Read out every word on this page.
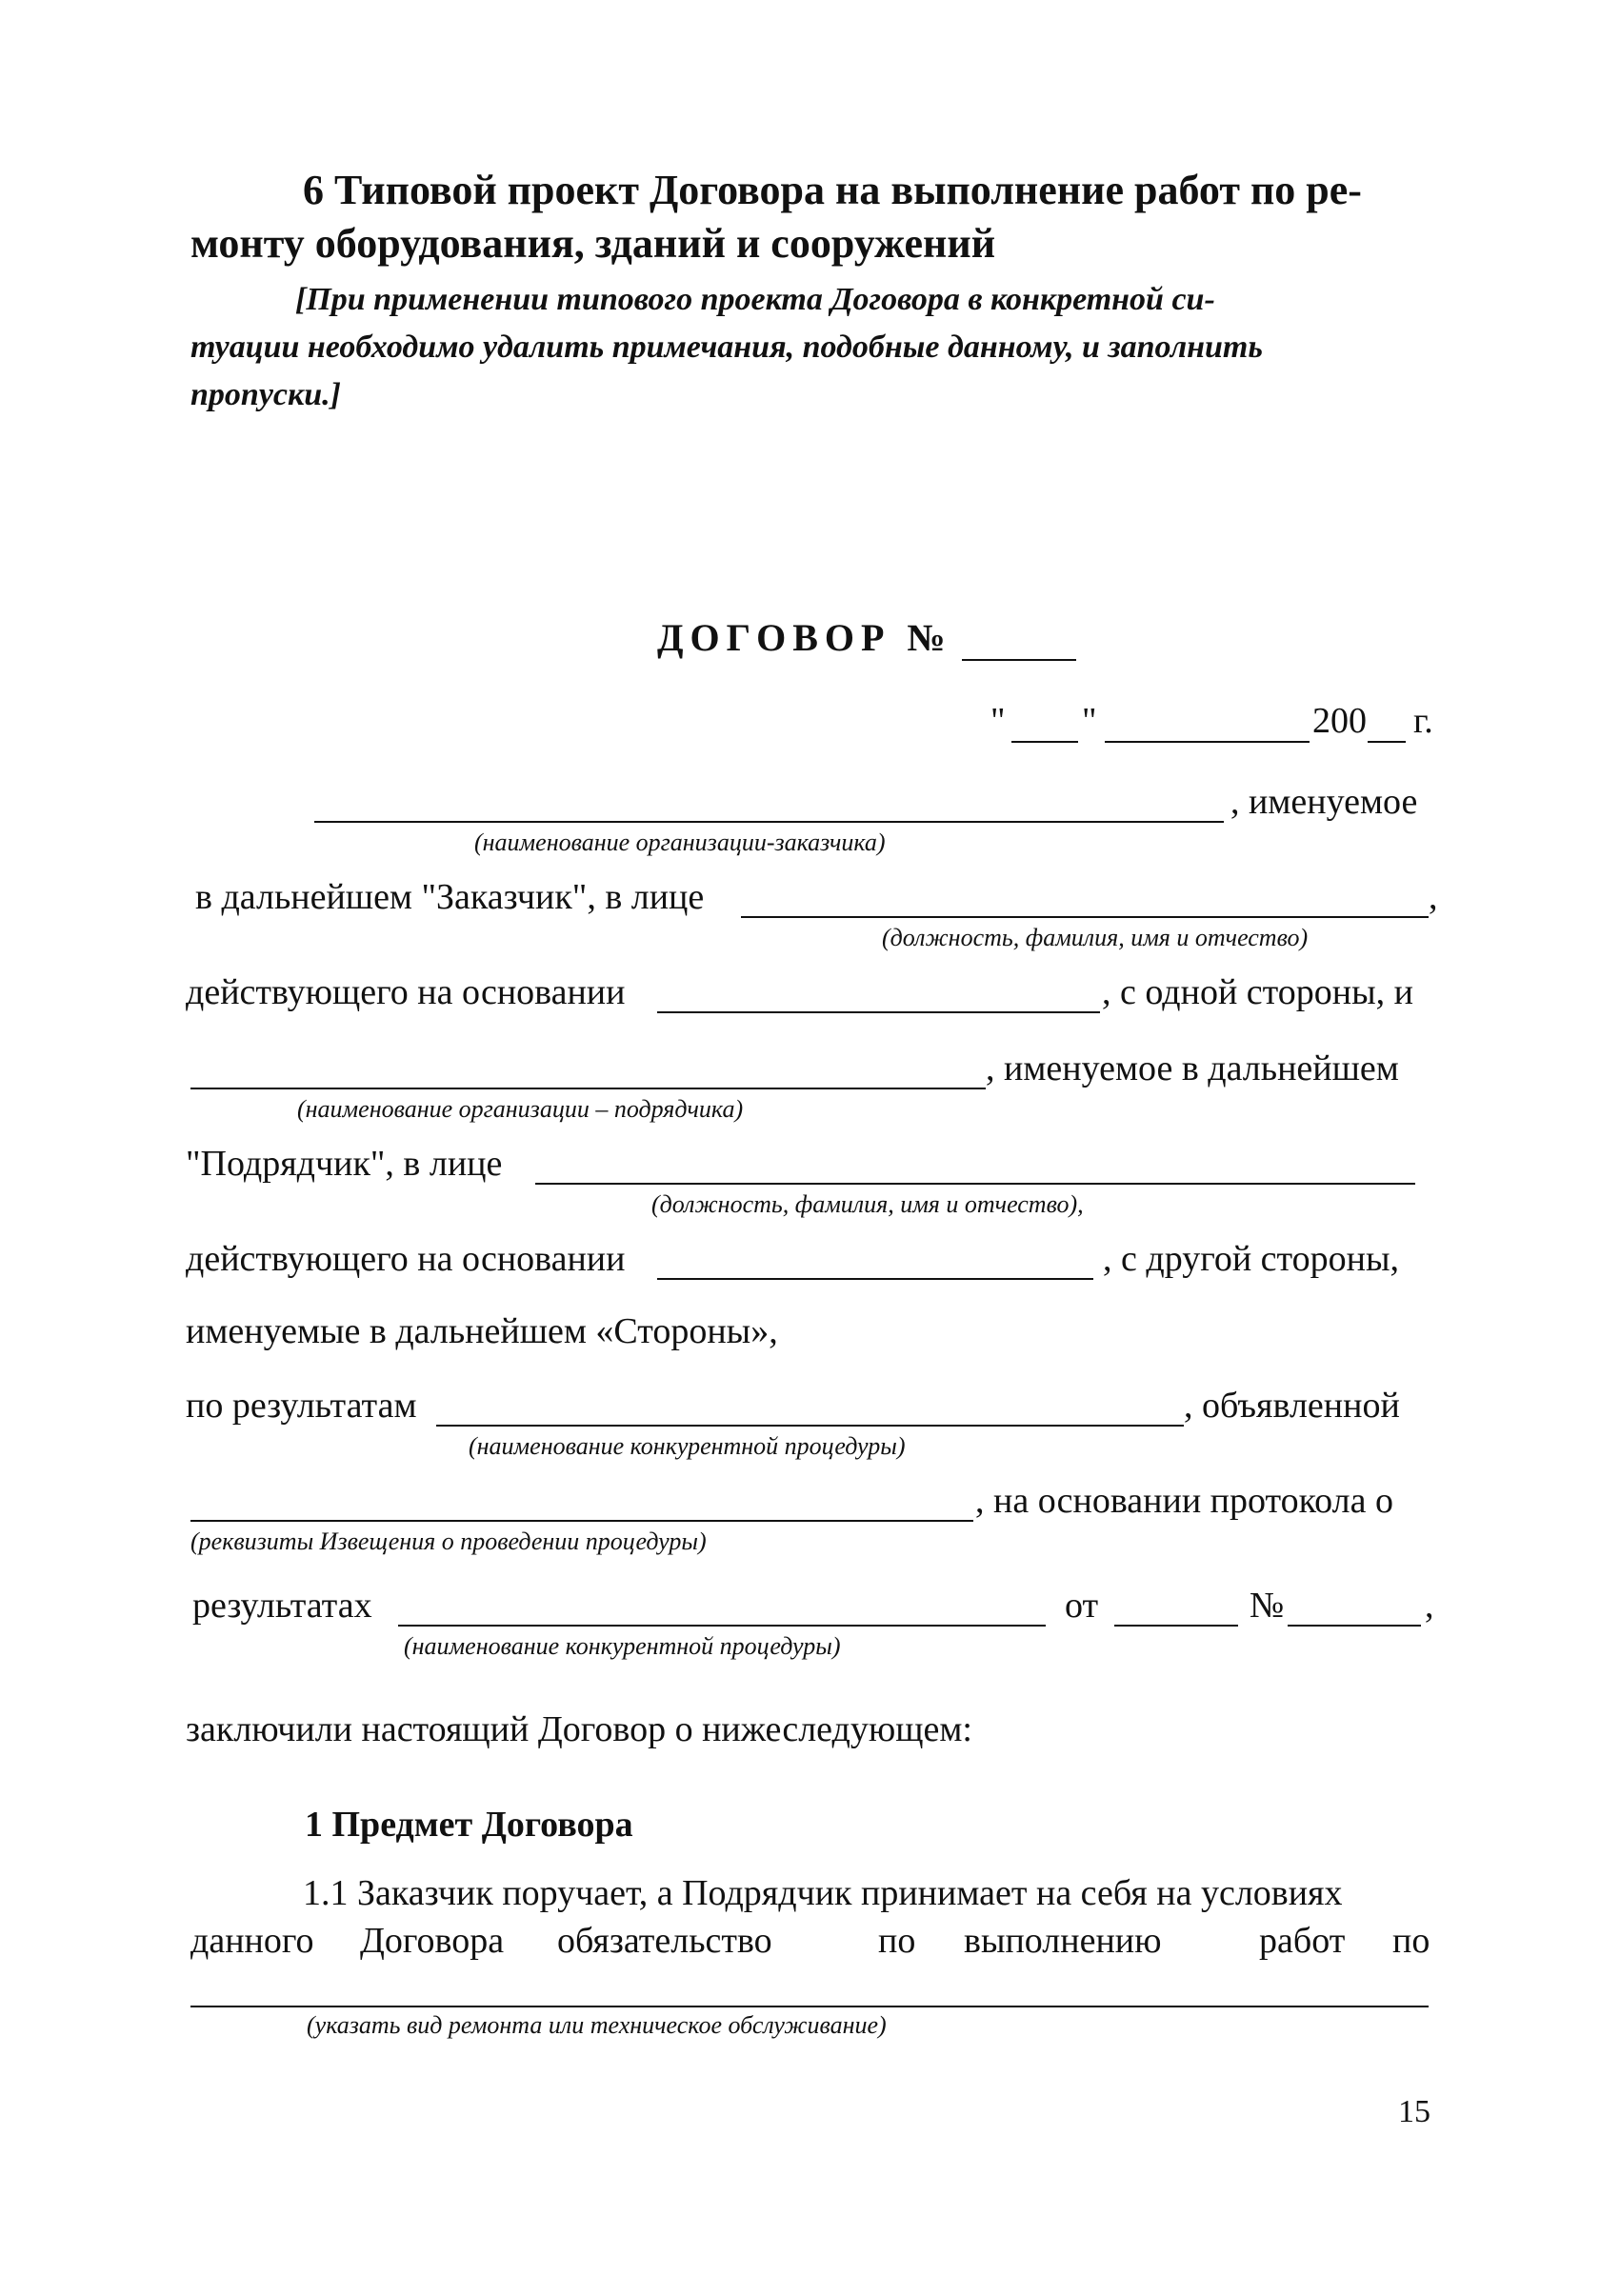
6 Типовой проект Договора на выполнение работ по ре-
монту оборудования, зданий и сооружений
[При применении типового проекта Договора в конкретной си-
туации необходимо удалить примечания, подобные данному, и заполнить
пропуски.]
ДОГОВОР №
" "	200 г.
, именуемое
(наименование организации-заказчика)
в дальнейшем "Заказчик", в лице	,
(должность, фамилия, имя и отчество)
действующего на основании	, с одной стороны, и
, именуемое в дальнейшем
(наименование организации – подрядчика)
"Подрядчик", в лице
(должность, фамилия, имя и отчество),
действующего на основании	, с другой стороны,
именуемые в дальнейшем «Стороны»,
по результатам	, объявленной
(наименование конкурентной процедуры)
, на основании протокола о
(реквизиты Извещения о проведении процедуры)
результатах	от	№	,
(наименование конкурентной процедуры)
заключили настоящий Договор о нижеследующем:
1 Предмет Договора
1.1 Заказчик поручает, а Подрядчик принимает на себя на условиях
данного Договора обязательство	по выполнению	работ по
(указать вид ремонта или техническое обслуживание)
15
